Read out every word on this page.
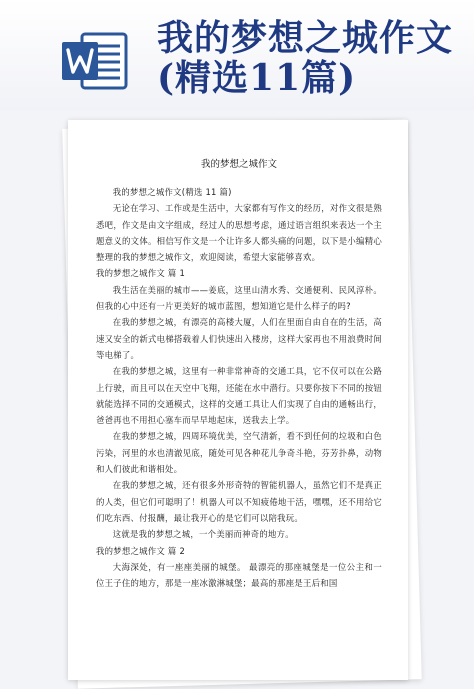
我的梦想之城作文
(精选11篇)
我的梦想之城作文

我的梦想之城作文(精选 11 篇)

无论在学习、工作或是生活中，大家都有写作文的经历，对作文很是熟悉吧，作文是由文字组成，经过人的思想考虑，通过语言组织来表达一个主题意义的文体。相信写作文是一个让许多人都头痛的问题，以下是小编精心整理的我的梦想之城作文，欢迎阅读，希望大家能够喜欢。

我的梦想之城作文 篇 1

我生活在美丽的城市——姜底，这里山清水秀、交通便利、民风淳朴。但我的心中还有一片更美好的城市蓝图，想知道它是什么样子的吗?

在我的梦想之城，有漂亮的高楼大厦，人们在里面自由自在的生活，高速又安全的新式电梯搭载着人们快速出入楼房，这样大家再也不用浪费时间等电梯了。

在我的梦想之城，这里有一种非常神奇的交通工具，它不仅可以在公路上行驶，而且可以在天空中飞翔，还能在水中潜行。只要你按下不同的按钮就能选择不同的交通模式，这样的交通工具让人们实现了自由的通畅出行，爸爸再也不用担心塞车而早早地起床，送我去上学。

在我的梦想之城，四周环境优美，空气清新，看不到任何的垃圾和白色污染，河里的水也清澈见底，随处可见各种花儿争奇斗艳，芬芳扑鼻，动物和人们彼此和谐相处。

在我的梦想之城，还有很多外形奇特的智能机器人，虽然它们不是真正的人类，但它们可聪明了！机器人可以不知疲倦地干活，嘿嘿，还不用给它们吃东西、付报酬，最让我开心的是它们可以陪我玩。

这就是我的梦想之城，一个美丽而神奇的地方。

我的梦想之城作文 篇 2

大海深处，有一座座美丽的城堡。 最漂亮的那座城堡是一位公主和一位王子住的地方，那是一座冰激淋城堡；最高的那座是王后和国
